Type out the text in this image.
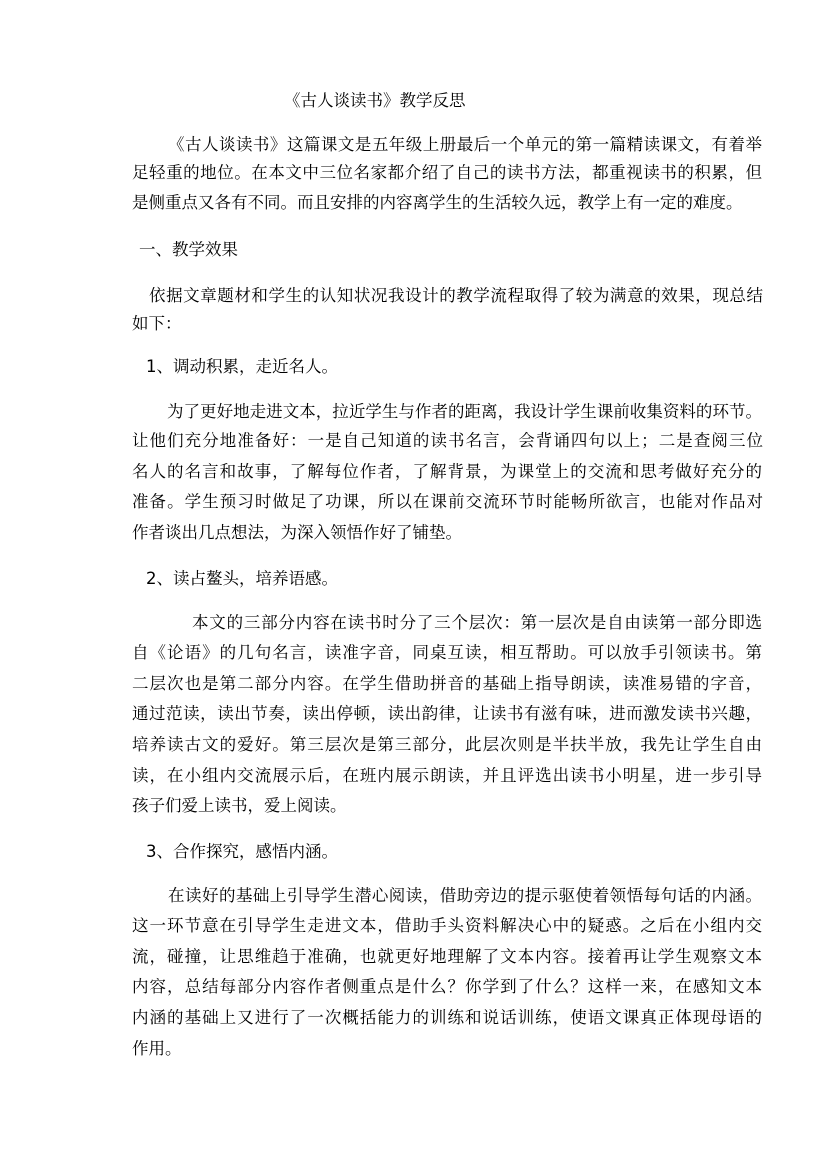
《古人谈读书》教学反思
《古人谈读书》这篇课文是五年级上册最后一个单元的第一篇精读课文，有着举
足轻重的地位。在本文中三位名家都介绍了自己的读书方法，都重视读书的积累，但
是侧重点又各有不同。而且安排的内容离学生的生活较久远，教学上有一定的难度。
一、教学效果
依据文章题材和学生的认知状况我设计的教学流程取得了较为满意的效果，现总结
如下：
1、调动积累，走近名人。
为了更好地走进文本，拉近学生与作者的距离，我设计学生课前收集资料的环节。
让他们充分地准备好：一是自己知道的读书名言，会背诵四句以上；二是查阅三位
名人的名言和故事，了解每位作者，了解背景，为课堂上的交流和思考做好充分的
准备。学生预习时做足了功课，所以在课前交流环节时能畅所欲言，也能对作品对
作者谈出几点想法，为深入领悟作好了铺垫。
2、读占鳌头，培养语感。
本文的三部分内容在读书时分了三个层次：第一层次是自由读第一部分即选
自《论语》的几句名言，读准字音，同桌互读，相互帮助。可以放手引领读书。第
二层次也是第二部分内容。在学生借助拼音的基础上指导朗读，读准易错的字音，
通过范读，读出节奏，读出停顿，读出韵律，让读书有滋有味，进而激发读书兴趣，
培养读古文的爱好。第三层次是第三部分，此层次则是半扶半放，我先让学生自由
读，在小组内交流展示后，在班内展示朗读，并且评选出读书小明星，进一步引导
孩子们爱上读书，爱上阅读。
3、合作探究，感悟内涵。
在读好的基础上引导学生潜心阅读，借助旁边的提示驱使着领悟每句话的内涵。
这一环节意在引导学生走进文本，借助手头资料解决心中的疑惑。之后在小组内交
流，碰撞，让思维趋于准确，也就更好地理解了文本内容。接着再让学生观察文本
内容，总结每部分内容作者侧重点是什么？你学到了什么？这样一来，在感知文本
内涵的基础上又进行了一次概括能力的训练和说话训练，使语文课真正体现母语的
作用。
